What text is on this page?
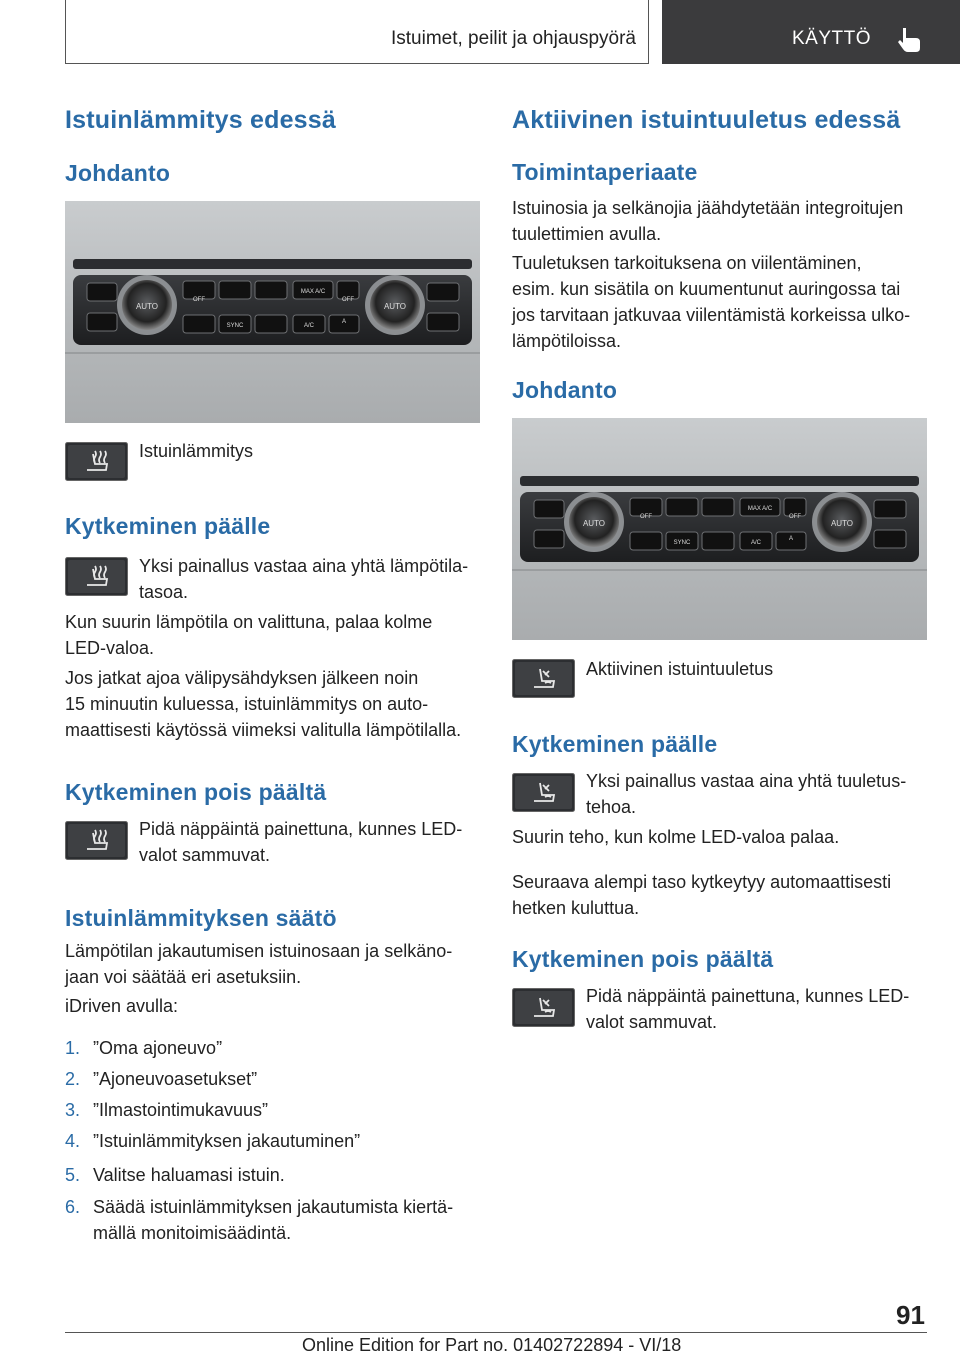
Istuimet, peilit ja ohjauspyörä	KÄYTTÖ
Istuinlämmitys edessä
Johdanto
AUTO	AUTO
OFF
MAX A/C
OFF
SYNC	A/C
A
Istuinlämmitys
Kytkeminen päälle
Yksi painallus vastaa aina yhtä lämpötila-
tasoa.
Kun suurin lämpötila on valittuna, palaa kolme
LED-valoa.
Jos jatkat ajoa välipysähdyksen jälkeen noin
15 minuutin kuluessa, istuinlämmitys on auto-
maattisesti käytössä viimeksi valitulla lämpötilalla.
Kytkeminen pois päältä
Pidä näppäintä painettuna, kunnes LED-
valot sammuvat.
Istuinlämmityksen säätö
Lämpötilan jakautumisen istuinosaan ja selkäno-
jaan voi säätää eri asetuksiin.
iDriven avulla:
1. ”Oma ajoneuvo”
2. ”Ajoneuvoasetukset”
3. ”Ilmastointimukavuus”
4. ”Istuinlämmityksen jakautuminen”
5. Valitse haluamasi istuin.
6. Säädä istuinlämmityksen jakautumista kiertä-
mällä monitoimisäädintä.
Aktiivinen istuintuuletus edessä
Toimintaperiaate
Istuinosia ja selkänojia jäähdytetään integroitujen
tuulettimien avulla.
Tuuletuksen tarkoituksena on viilentäminen,
esim. kun sisätila on kuumentunut auringossa tai
jos tarvitaan jatkuvaa viilentämistä korkeissa ulko-
lämpötiloissa.
Johdanto
AUTO	AUTO
OFF
MAX A/C
OFF
SYNC	A/C
A
Aktiivinen istuintuuletus
Kytkeminen päälle
Yksi painallus vastaa aina yhtä tuuletus-
tehoa.
Suurin teho, kun kolme LED-valoa palaa.
Seuraava alempi taso kytkeytyy automaattisesti
hetken kuluttua.
Kytkeminen pois päältä
Pidä näppäintä painettuna, kunnes LED-
valot sammuvat.
91
Online Edition for Part no. 01402722894 - VI/18
